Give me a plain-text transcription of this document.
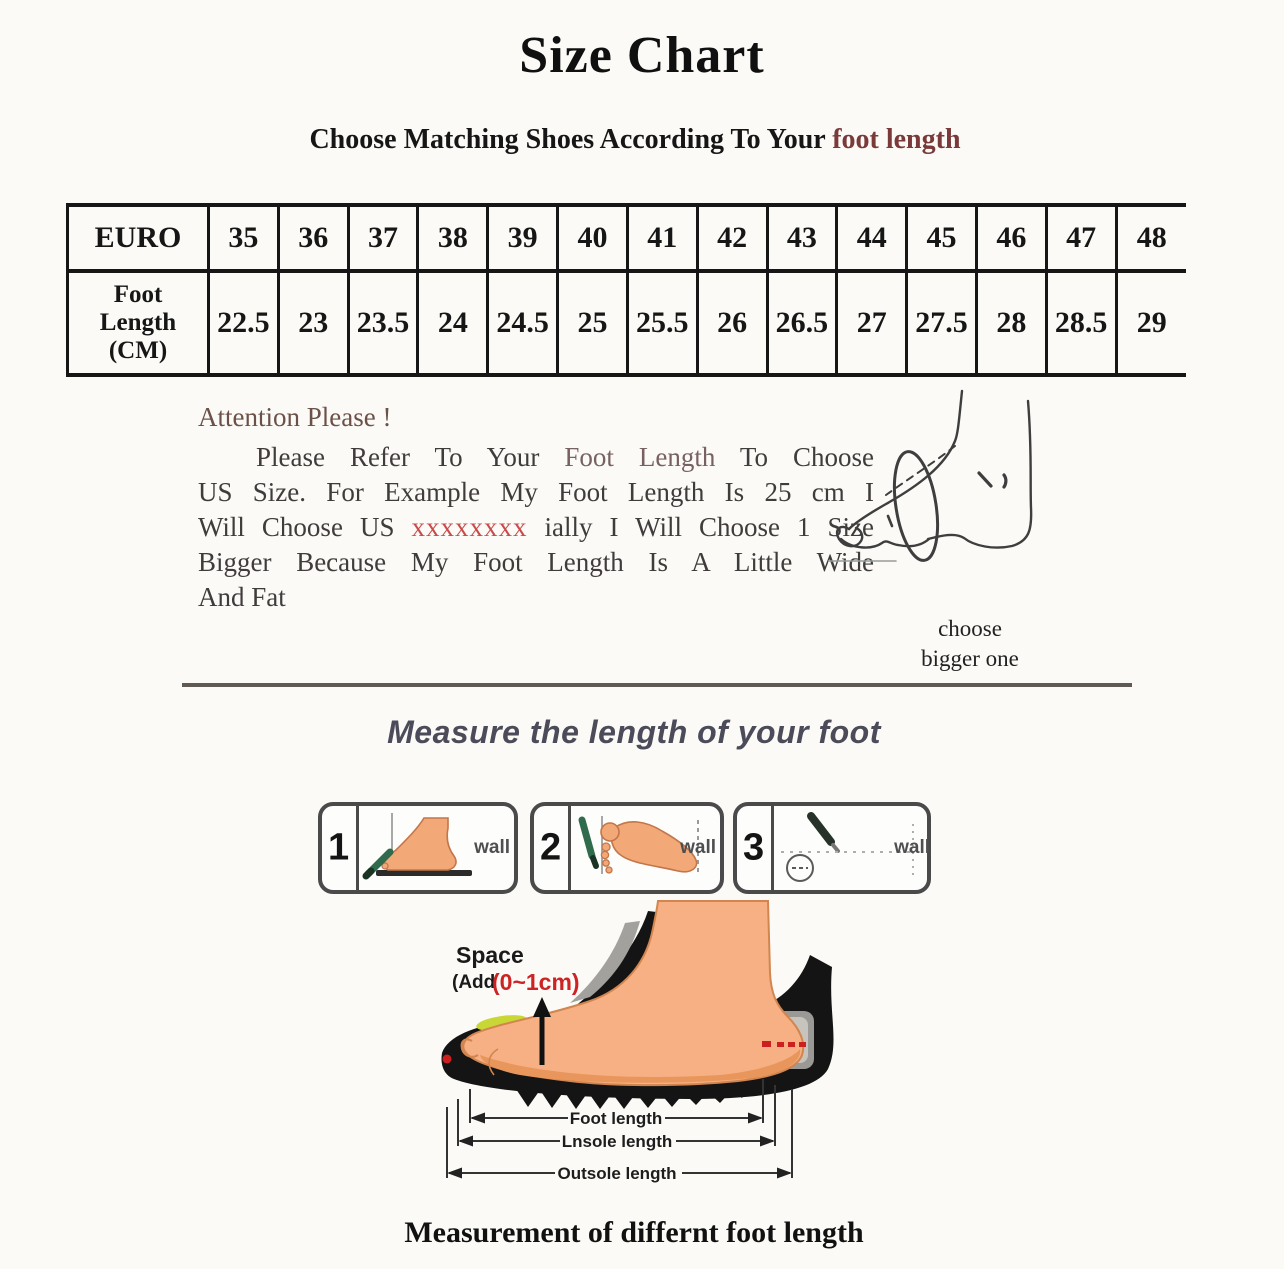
Size Chart
Choose Matching Shoes According To Your foot length
EURO	35	36	37	38	39	40	41	42	43	44	45	46	47	48
Foot Length (CM)	22.5	23	23.5	24	24.5	25	25.5	26	26.5	27	27.5	28	28.5	29
Attention Please !
Please Refer To Your Foot Length To Choose
US Size. For Example My Foot Length Is 25 cm I
Will Choose US xxxxxxxx ially I Will Choose 1 Size
Bigger Because My Foot Length Is A Little Wide
And Fat
choose
bigger one
Measure the length of your foot
1	wall 2	wall 3	wall
Space
(Add
(0~1cm)
Foot length
Lnsole length
Outsole length
Measurement of differnt foot length
